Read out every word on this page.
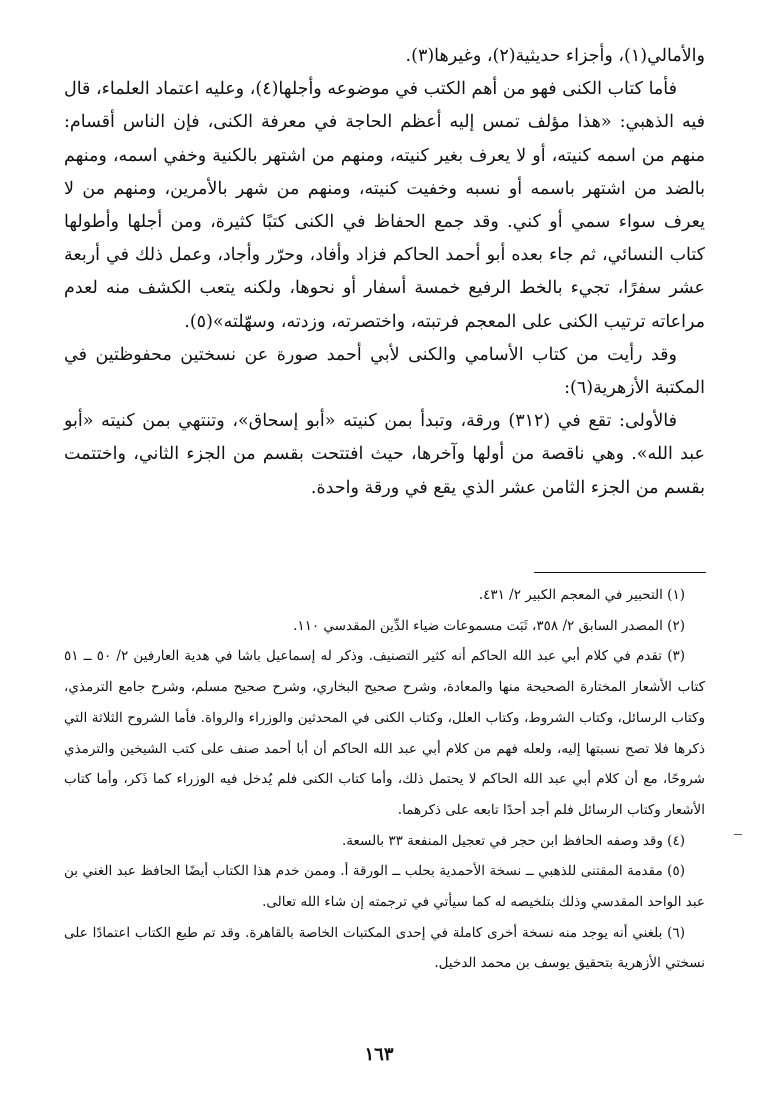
والأمالي(١)، وأجزاء حديثية(٢)، وغيرها(٣).

فأما كتاب الكنى فهو من أهم الكتب في موضوعه وأجلها(٤)، وعليه اعتماد العلماء، قال فيه الذهبي: «هذا مؤلف تمس إليه أعظم الحاجة في معرفة الكنى، فإن الناس أقسام: منهم من اسمه كنيته، أو لا يعرف بغير كنيته، ومنهم من اشتهر بالكنية وخفي اسمه، ومنهم بالضد من اشتهر باسمه أو نسبه وخفيت كنيته، ومنهم من شهر بالأمرين، ومنهم من لا يعرف سواء سمي أو كني. وقد جمع الحفاظ في الكنى كتبًا كثيرة، ومن أجلها وأطولها كتاب النسائي، ثم جاء بعده أبو أحمد الحاكم فزاد وأفاد، وحرّر وأجاد، وعمل ذلك في أربعة عشر سفرًا، تجيء بالخط الرفيع خمسة أسفار أو نحوها، ولكنه يتعب الكشف منه لعدم مراعاته ترتيب الكنى على المعجم فرتبته، واختصرته، وزدته، وسهّلته»(٥).

وقد رأيت من كتاب الأسامي والكنى لأبي أحمد صورة عن نسختين محفوظتين في المكتبة الأزهرية(٦):

فالأولى: تقع في (٣١٢) ورقة، وتبدأ بمن كنيته «أبو إسحاق»، وتنتهي بمن كنيته «أبو عبد الله». وهي ناقصة من أولها وآخرها، حيث افتتحت بقسم من الجزء الثاني، واختتمت بقسم من الجزء الثامن عشر الذي يقع في ورقة واحدة.

(١) التحبير في المعجم الكبير ٢/ ٤٣١.

(٢) المصدر السابق ٢/ ٣٥٨، ثَبَت مسموعات ضياء الدِّين المقدسي ١١٠.

(٣) تقدم في كلام أبي عبد الله الحاكم أنه كثير التصنيف. وذكر له إسماعيل باشا في هدية العارفين ٢/ ٥٠ ــ ٥١ كتاب الأشعار المختارة الصحيحة منها والمعادة، وشرح صحيح البخاري، وشرح صحيح مسلم، وشرح جامع الترمذي، وكتاب الرسائل، وكتاب الشروط، وكتاب العلل، وكتاب الكنى في المحدثين والوزراء والرواة. فأما الشروح الثلاثة التي ذكرها فلا تصح نسبتها إليه، ولعله فهم من كلام أبي عبد الله الحاكم أن أبا أحمد صنف على كتب الشيخين والترمذي شروحًا، مع أن كلام أبي عبد الله الحاكم لا يحتمل ذلك، وأما كتاب الكنى فلم يُدخل فيه الوزراء كما ذَكر، وأما كتاب الأشعار وكتاب الرسائل فلم أجد أحدًا تابعه على ذكرهما.

(٤) وقد وصفه الحافظ ابن حجر في تعجيل المنفعة ٣٣ بالسعة.

(٥) مقدمة المقتنى للذهبي ــ نسخة الأحمدية بحلب ــ الورقة أ. وممن خدم هذا الكتاب أيضًا الحافظ عبد الغني بن عبد الواحد المقدسي وذلك بتلخيصه له كما سيأتي في ترجمته إن شاء الله تعالى.

(٦) بلغني أنه يوجد منه نسخة أخرى كاملة في إحدى المكتبات الخاصة بالقاهرة. وقد تم طبع الكتاب اعتمادًا على نسختي الأزهرية بتحقيق يوسف بن محمد الدخيل.

١٦٣
